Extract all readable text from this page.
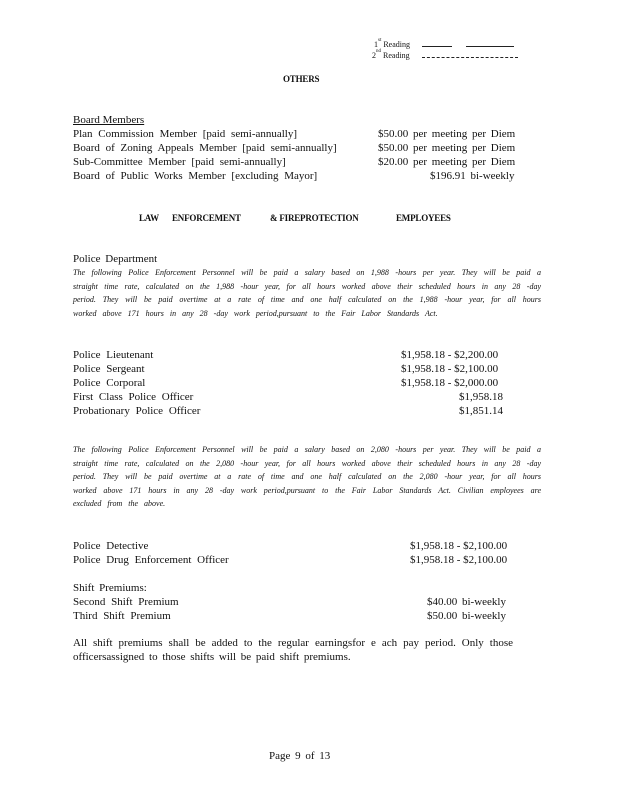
1st Reading
2nd Reading
OTHERS
Board Members
Plan Commission Member [paid semi-annually]	$50.00 per meeting per Diem
Board of Zoning Appeals Member [paid semi-annually]	$50.00 per meeting per Diem
Sub-Committee Member [paid semi-annually]	$20.00 per meeting per Diem
Board of Public Works Member [excluding Mayor]	$196.91 bi-weekly
LAW ENFORCEMENT	& FIREPROTECTION	EMPLOYEES
Police Department
The following Police Enforcement Personnel will be paid a salary based on 1,988 -hours per year. They will be paid a straight time rate, calculated on the 1,988 -hour year, for all hours worked above their scheduled hours in any 28 -day period. They will be paid overtime at a rate of time and one half calculated on the 1,988 -hour year, for all hours worked above 171 hours in any 28 -day work period,pursuant to the Fair Labor Standards Act.
Police Lieutenant	$1,958.18 - $2,200.00
Police Sergeant	$1,958.18 - $2,100.00
Police Corporal	$1,958.18 - $2,000.00
First Class Police Officer	$1,958.18
Probationary Police Officer	$1,851.14
The following Police Enforcement Personnel will be paid a salary based on 2,080 -hours per year. They will be paid a straight time rate, calculated on the 2,080 -hour year, for all hours worked above their scheduled hours in any 28 -day period. They will be paid overtime at a rate of time and one half calculated on the 2,080 -hour year, for all hours worked above 171 hours in any 28 -day work period,pursuant to the Fair Labor Standards Act. Civilian employees are excluded from the above.
Police Detective	$1,958.18 - $2,100.00
Police Drug Enforcement Officer	$1,958.18 - $2,100.00
Shift Premiums:
Second Shift Premium	$40.00 bi-weekly
Third Shift Premium	$50.00 bi-weekly
All shift premiums shall be added to the regular earningsfor e ach pay period. Only those officersassigned to those shifts will be paid shift premiums.
Page 9 of 13
